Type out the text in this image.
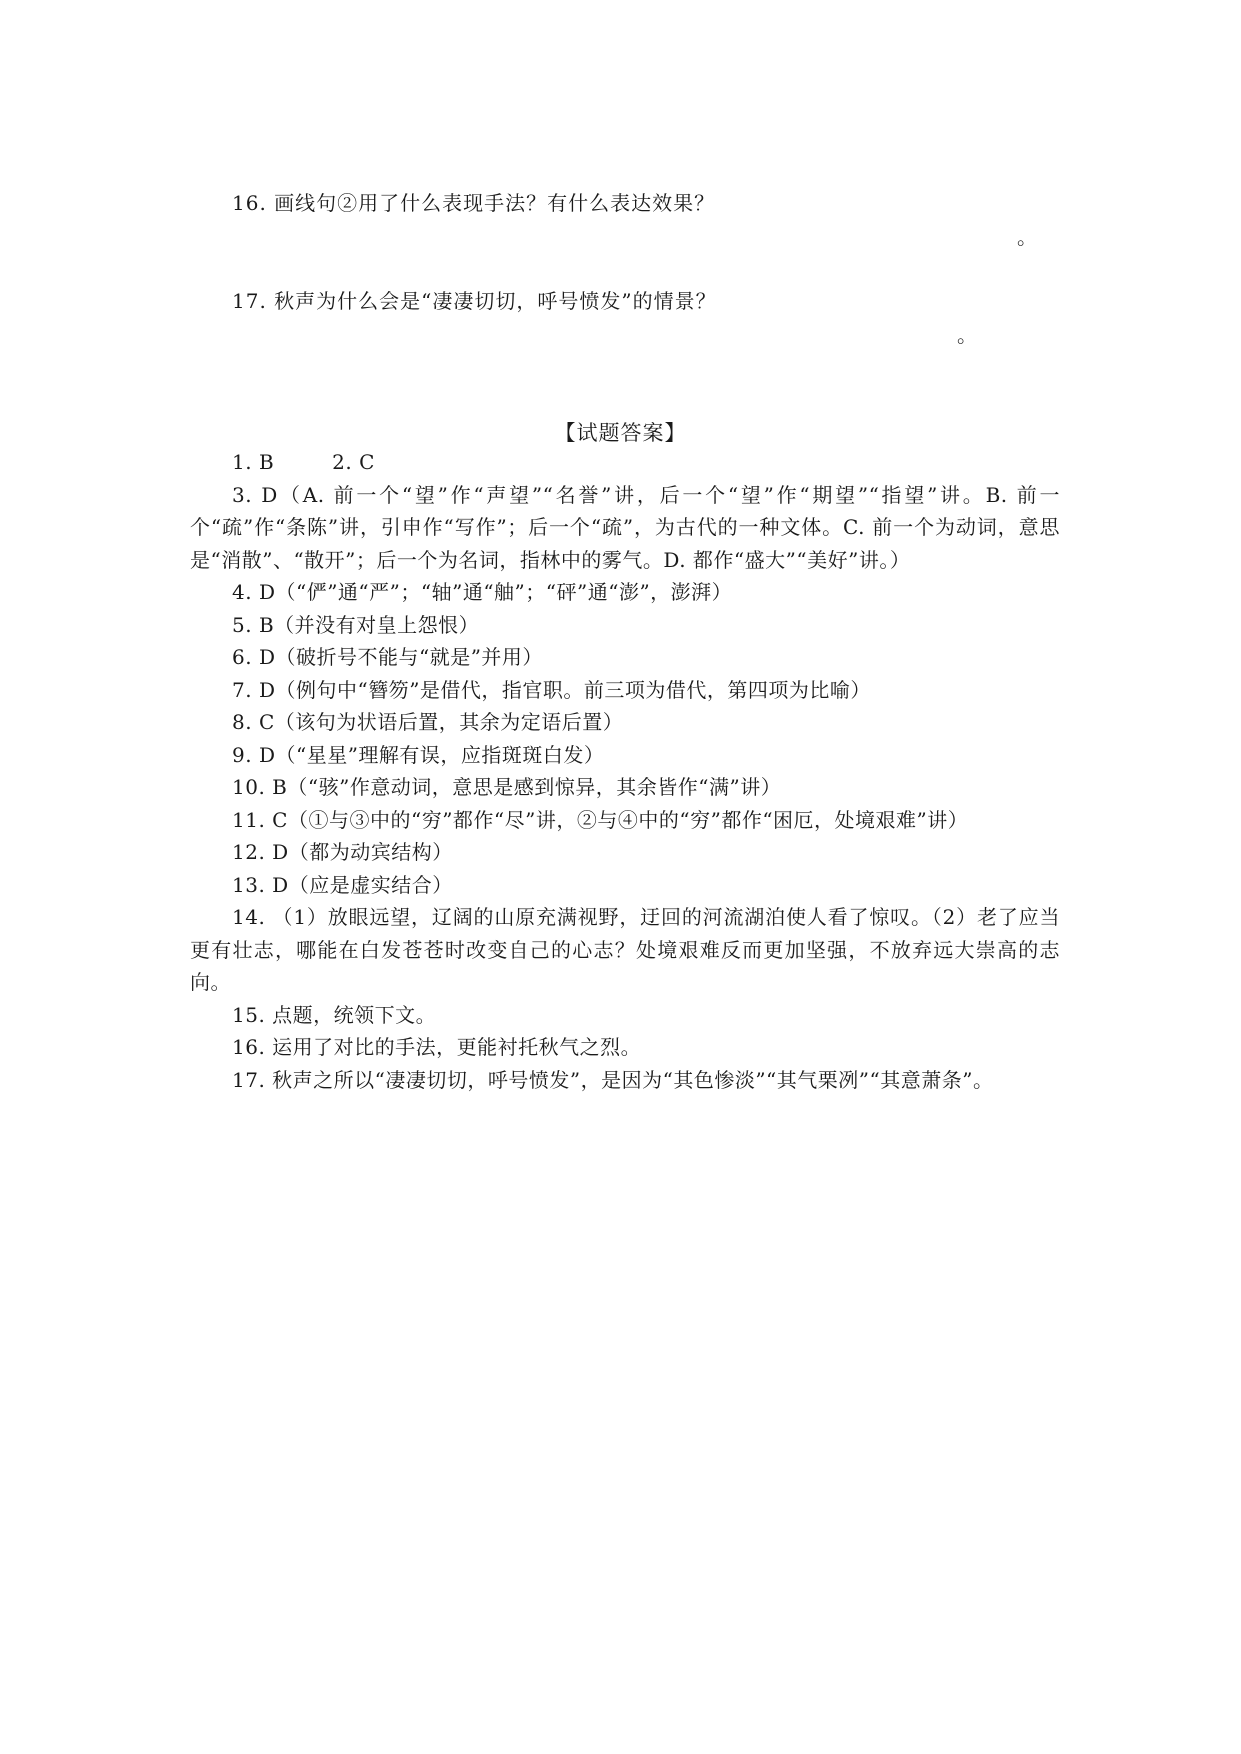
16. 画线句②用了什么表现手法？有什么表达效果？
。
17. 秋声为什么会是“凄凄切切，呼号愤发”的情景？
。
【试题答案】

1. B	2. C

3. D（A. 前一个“望”作“声望”“名誉”讲，后一个“望”作“期望”“指望”讲。B. 前一个“疏”作“条陈”讲，引申作“写作”；后一个“疏”，为古代的一种文体。C. 前一个为动词，意思是“消散”、“散开”；后一个为名词，指林中的雾气。D. 都作“盛大”“美好”讲。）

4. D（“俨”通“严”；“轴”通“舳”；“砰”通“澎”，澎湃）

5. B（并没有对皇上怨恨）

6. D（破折号不能与“就是”并用）

7. D（例句中“簪笏”是借代，指官职。前三项为借代，第四项为比喻）

8. C（该句为状语后置，其余为定语后置）

9. D（“星星”理解有误，应指斑斑白发）

10. B（“骇”作意动词，意思是感到惊异，其余皆作“满”讲）

11. C（①与③中的“穷”都作“尽”讲，②与④中的“穷”都作“困厄，处境艰难”讲）

12. D（都为动宾结构）

13. D（应是虚实结合）

14. （1）放眼远望，辽阔的山原充满视野，迂回的河流湖泊使人看了惊叹。（2）老了应当更有壮志，哪能在白发苍苍时改变自己的心志？处境艰难反而更加坚强，不放弃远大崇高的志向。

15. 点题，统领下文。

16. 运用了对比的手法，更能衬托秋气之烈。

17. 秋声之所以“凄凄切切，呼号愤发”，是因为“其色惨淡”“其气栗冽”“其意萧条”。
